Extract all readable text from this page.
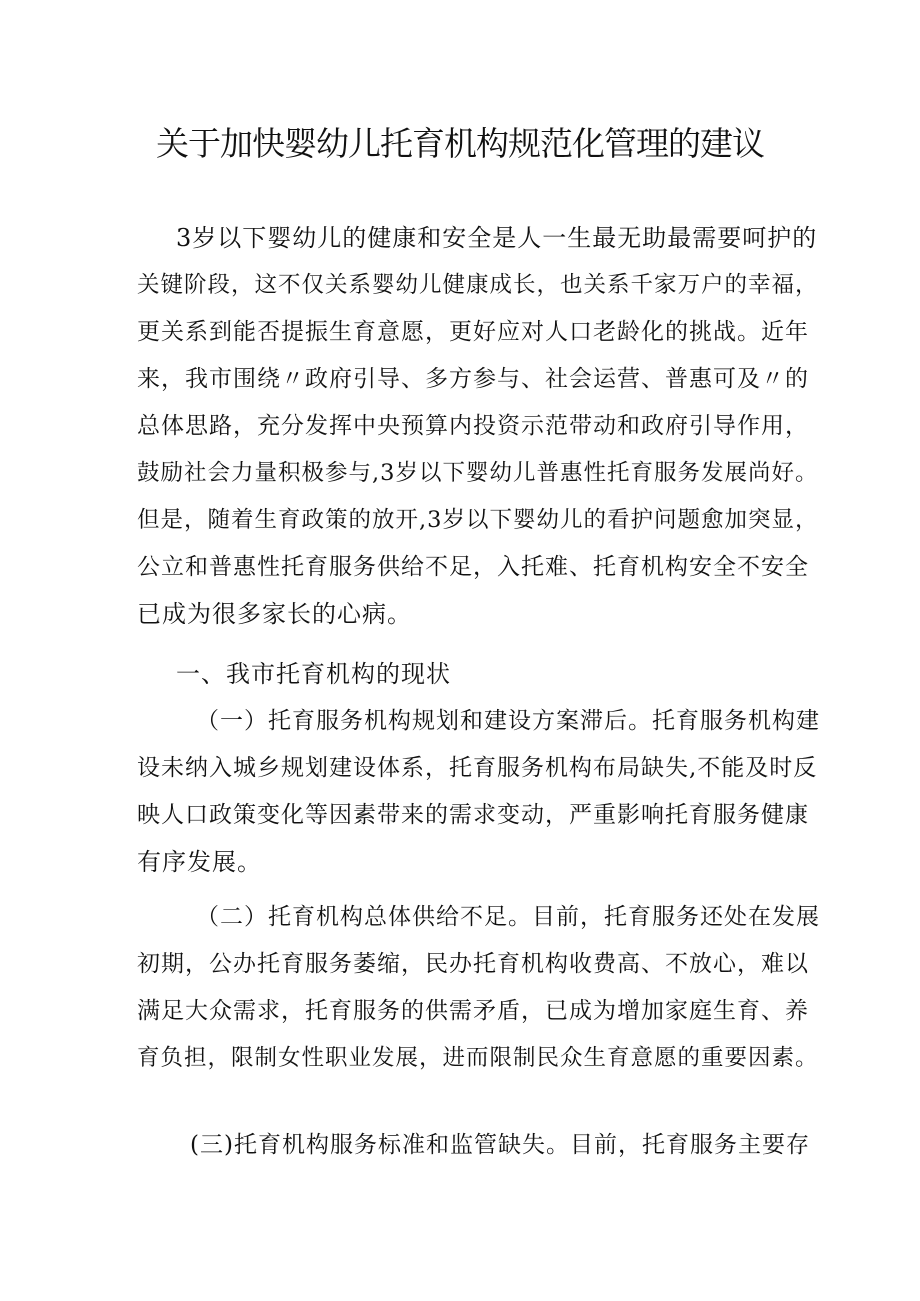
关于加快婴幼儿托育机构规范化管理的建议
3岁以下婴幼儿的健康和安全是人一生最无助最需要呵护的
关键阶段，这不仅关系婴幼儿健康成长，也关系千家万户的幸福，
更关系到能否提振生育意愿，更好应对人口老龄化的挑战。近年
来，我市围绕〃政府引导、多方参与、社会运营、普惠可及〃的
总体思路，充分发挥中央预算内投资示范带动和政府引导作用，
鼓励社会力量积极参与,3岁以下婴幼儿普惠性托育服务发展尚好。
但是，随着生育政策的放开,3岁以下婴幼儿的看护问题愈加突显，
公立和普惠性托育服务供给不足，入托难、托育机构安全不安全
已成为很多家长的心病。
一、我市托育机构的现状
（一）托育服务机构规划和建设方案滞后。托育服务机构建
设未纳入城乡规划建设体系，托育服务机构布局缺失,不能及时反
映人口政策变化等因素带来的需求变动，严重影响托育服务健康
有序发展。
（二）托育机构总体供给不足。目前，托育服务还处在发展
初期，公办托育服务萎缩，民办托育机构收费高、不放心，难以
满足大众需求，托育服务的供需矛盾，已成为增加家庭生育、养
育负担，限制女性职业发展，进而限制民众生育意愿的重要因素。
(三)托育机构服务标准和监管缺失。目前，托育服务主要存
